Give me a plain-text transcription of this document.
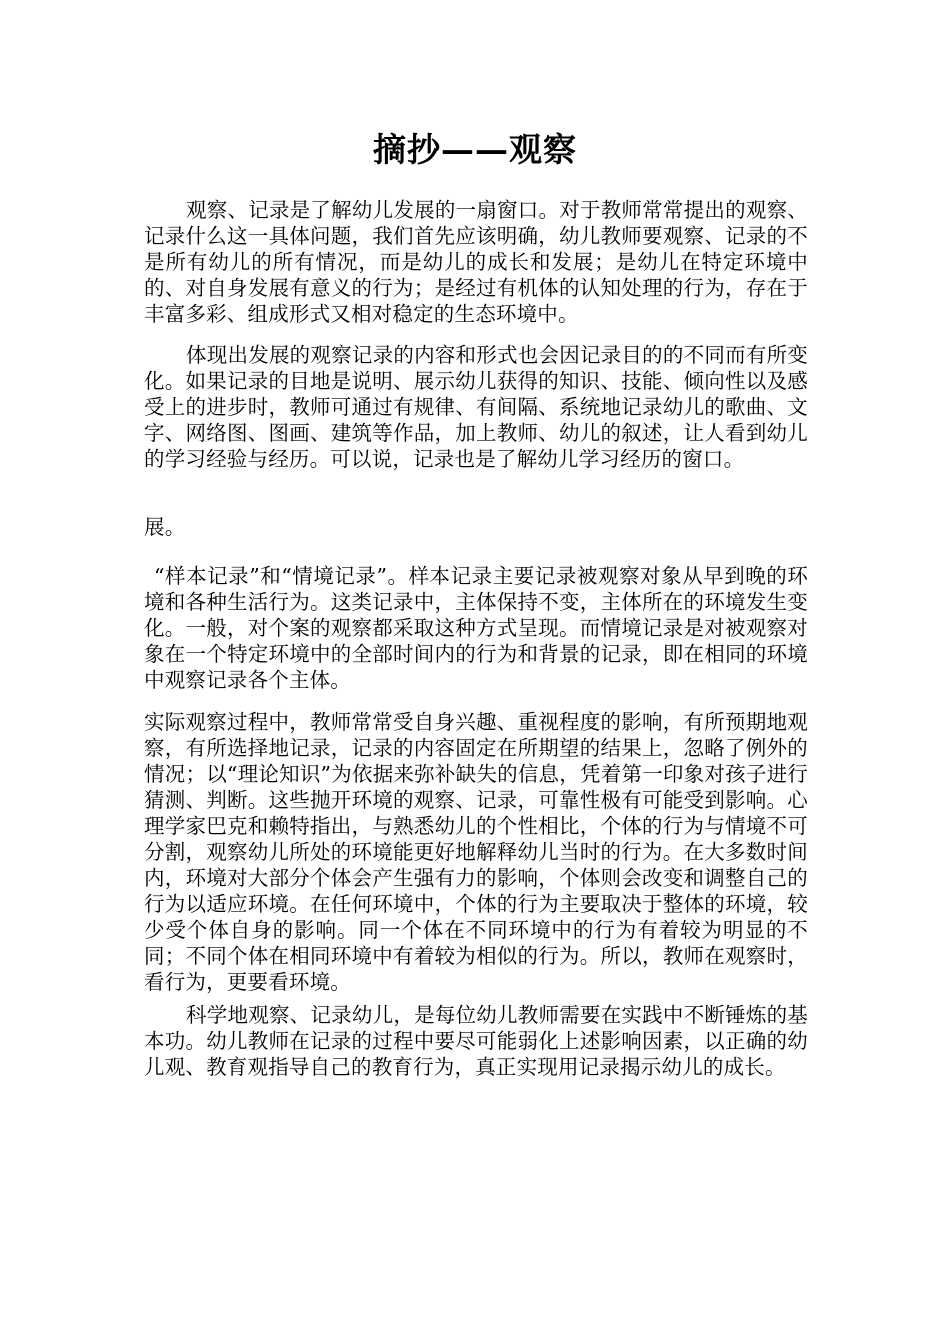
摘抄——观察

观察、记录是了解幼儿发展的一扇窗口。对于教师常常提出的观察、记录什么这一具体问题，我们首先应该明确，幼儿教师要观察、记录的不是所有幼儿的所有情况，而是幼儿的成长和发展；是幼儿在特定环境中的、对自身发展有意义的行为；是经过有机体的认知处理的行为，存在于丰富多彩、组成形式又相对稳定的生态环境中。

体现出发展的观察记录的内容和形式也会因记录目的的不同而有所变化。如果记录的目地是说明、展示幼儿获得的知识、技能、倾向性以及感受上的进步时，教师可通过有规律、有间隔、系统地记录幼儿的歌曲、文字、网络图、图画、建筑等作品，加上教师、幼儿的叙述，让人看到幼儿的学习经验与经历。可以说，记录也是了解幼儿学习经历的窗口。

展。

“样本记录”和“情境记录”。样本记录主要记录被观察对象从早到晚的环境和各种生活行为。这类记录中，主体保持不变，主体所在的环境发生变化。一般，对个案的观察都采取这种方式呈现。而情境记录是对被观察对象在一个特定环境中的全部时间内的行为和背景的记录，即在相同的环境中观察记录各个主体。

实际观察过程中，教师常常受自身兴趣、重视程度的影响，有所预期地观察，有所选择地记录，记录的内容固定在所期望的结果上，忽略了例外的情况；以“理论知识”为依据来弥补缺失的信息，凭着第一印象对孩子进行猜测、判断。这些抛开环境的观察、记录，可靠性极有可能受到影响。心理学家巴克和赖特指出，与熟悉幼儿的个性相比，个体的行为与情境不可分割，观察幼儿所处的环境能更好地解释幼儿当时的行为。在大多数时间内，环境对大部分个体会产生强有力的影响，个体则会改变和调整自己的行为以适应环境。在任何环境中，个体的行为主要取决于整体的环境，较少受个体自身的影响。同一个体在不同环境中的行为有着较为明显的不同；不同个体在相同环境中有着较为相似的行为。所以，教师在观察时，看行为，更要看环境。

科学地观察、记录幼儿，是每位幼儿教师需要在实践中不断锤炼的基本功。幼儿教师在记录的过程中要尽可能弱化上述影响因素，以正确的幼儿观、教育观指导自己的教育行为，真正实现用记录揭示幼儿的成长。
